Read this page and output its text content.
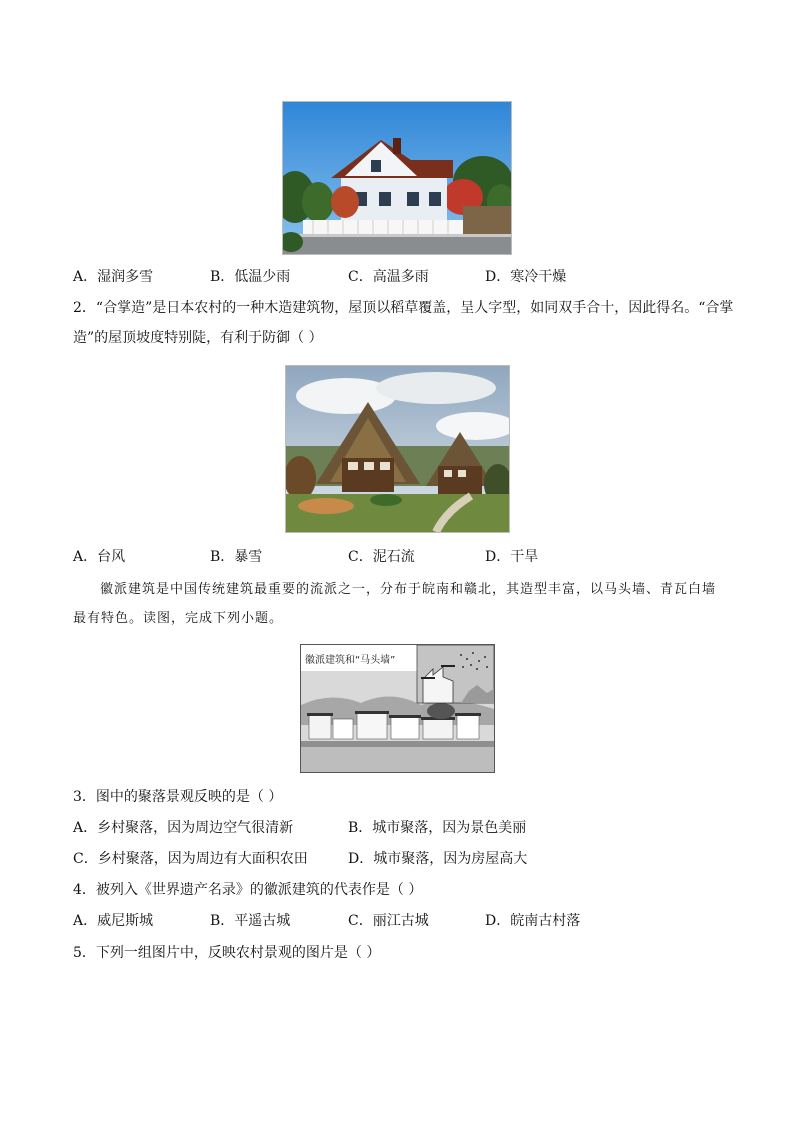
A．湿润多雪	B．低温少雨	C．高温多雨	D．寒冷干燥
2．“合掌造”是日本农村的一种木造建筑物，屋顶以稻草覆盖，呈人字型，如同双手合十，因此得名。“合掌
造”的屋顶坡度特别陡，有利于防御（ ）
A．台风	B．暴雪	C．泥石流	D．干旱
徽派建筑是中国传统建筑最重要的流派之一，分布于皖南和赣北，其造型丰富，以马头墙、青瓦白墙
最有特色。读图，完成下列小题。
徽派建筑和“马头墙”
3．图中的聚落景观反映的是（ ）
A．乡村聚落，因为周边空气很清新	B．城市聚落，因为景色美丽
C．乡村聚落，因为周边有大面积农田	D．城市聚落，因为房屋高大
4．被列入《世界遗产名录》的徽派建筑的代表作是（ ）
A．威尼斯城	B．平遥古城	C．丽江古城	D．皖南古村落
5．下列一组图片中，反映农村景观的图片是（ ）
